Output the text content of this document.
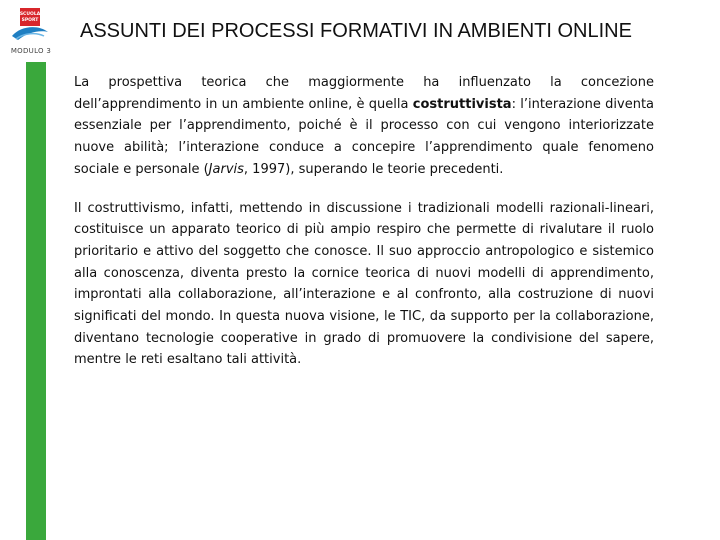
SCUOLA
SPORT
MODULO 3
ASSUNTI DEI PROCESSI FORMATIVI IN AMBIENTI ONLINE

La prospettiva teorica che maggiormente ha influenzato la concezione dell’apprendimento in un ambiente online, è quella costruttivista: l’interazione diventa essenziale per l’apprendimento, poiché è il processo con cui vengono interiorizzate nuove abilità; l’interazione conduce a concepire l’apprendimento quale fenomeno sociale e personale (Jarvis, 1997), superando le teorie precedenti.

Il costruttivismo, infatti, mettendo in discussione i tradizionali modelli razionali-lineari, costituisce un apparato teorico di più ampio respiro che permette di rivalutare il ruolo prioritario e attivo del soggetto che conosce. Il suo approccio antropologico e sistemico alla conoscenza, diventa presto la cornice teorica di nuovi modelli di apprendimento, improntati alla collaborazione, all’interazione e al confronto, alla costruzione di nuovi significati del mondo. In questa nuova visione, le TIC, da supporto per la collaborazione, diventano tecnologie cooperative in grado di promuovere la condivisione del sapere, mentre le reti esaltano tali attività.
